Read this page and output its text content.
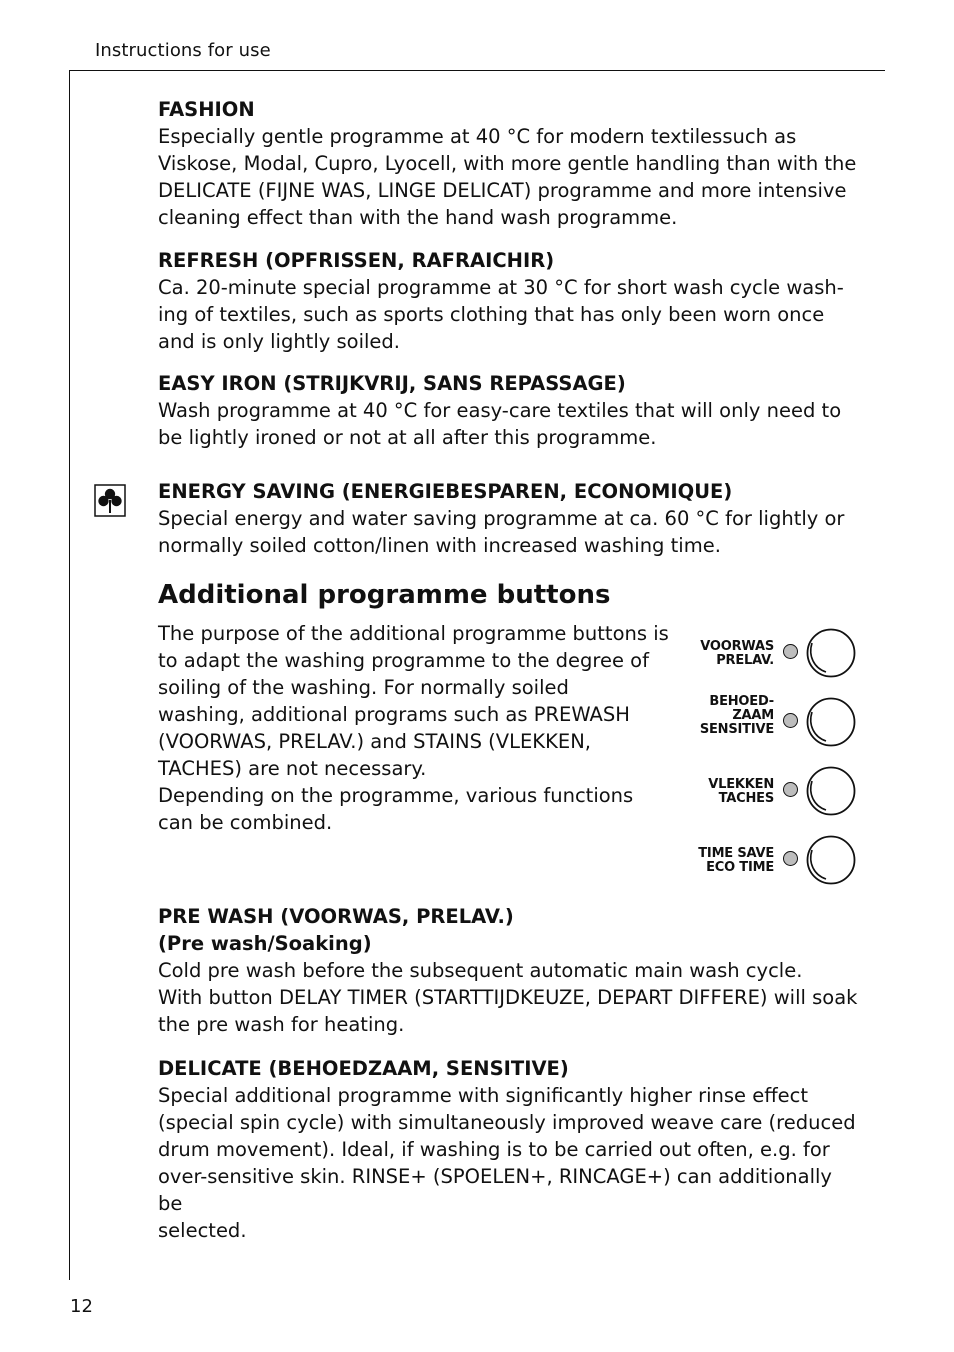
Instructions for use
FASHION

Especially gentle programme at 40 °C for modern textilessuch as
Viskose, Modal, Cupro, Lyocell, with more gentle handling than with the
DELICATE (FIJNE WAS, LINGE DELICAT) programme and more intensive
cleaning effect than with the hand wash programme.

REFRESH (OPFRISSEN, RAFRAICHIR)

Ca. 20-minute special programme at 30 °C for short wash cycle wash-
ing of textiles, such as sports clothing that has only been worn once
and is only lightly soiled.

EASY IRON (STRIJKVRIJ, SANS REPASSAGE)

Wash programme at 40 °C for easy-care textiles that will only need to
be lightly ironed or not at all after this programme.

ENERGY SAVING (ENERGIEBESPAREN, ECONOMIQUE)

Special energy and water saving programme at ca. 60 °C for lightly or
normally soiled cotton/linen with increased washing time.

Additional programme buttons

The purpose of the additional programme buttons is
to adapt the washing programme to the degree of
soiling of the washing. For normally soiled
washing, additional programs such as PREWASH
(VOORWAS, PRELAV.) and STAINS (VLEKKEN,
TACHES) are not necessary.
Depending on the programme, various functions
can be combined.

VOORWAS
PRELAV.
BEHOED-
ZAAM
SENSITIVE
VLEKKEN
TACHES
TIME SAVE
ECO TIME
PRE WASH (VOORWAS, PRELAV.)
(Pre wash/Soaking)

Cold pre wash before the subsequent automatic main wash cycle.
With button DELAY TIMER (STARTTIJDKEUZE, DEPART DIFFERE) will soak
the pre wash for heating.

DELICATE (BEHOEDZAAM, SENSITIVE)

Special additional programme with significantly higher rinse effect
(special spin cycle) with simultaneously improved weave care (reduced
drum movement). Ideal, if washing is to be carried out often, e.g. for
over-sensitive skin. RINSE+ (SPOELEN+, RINCAGE+) can additionally be
selected.

12
